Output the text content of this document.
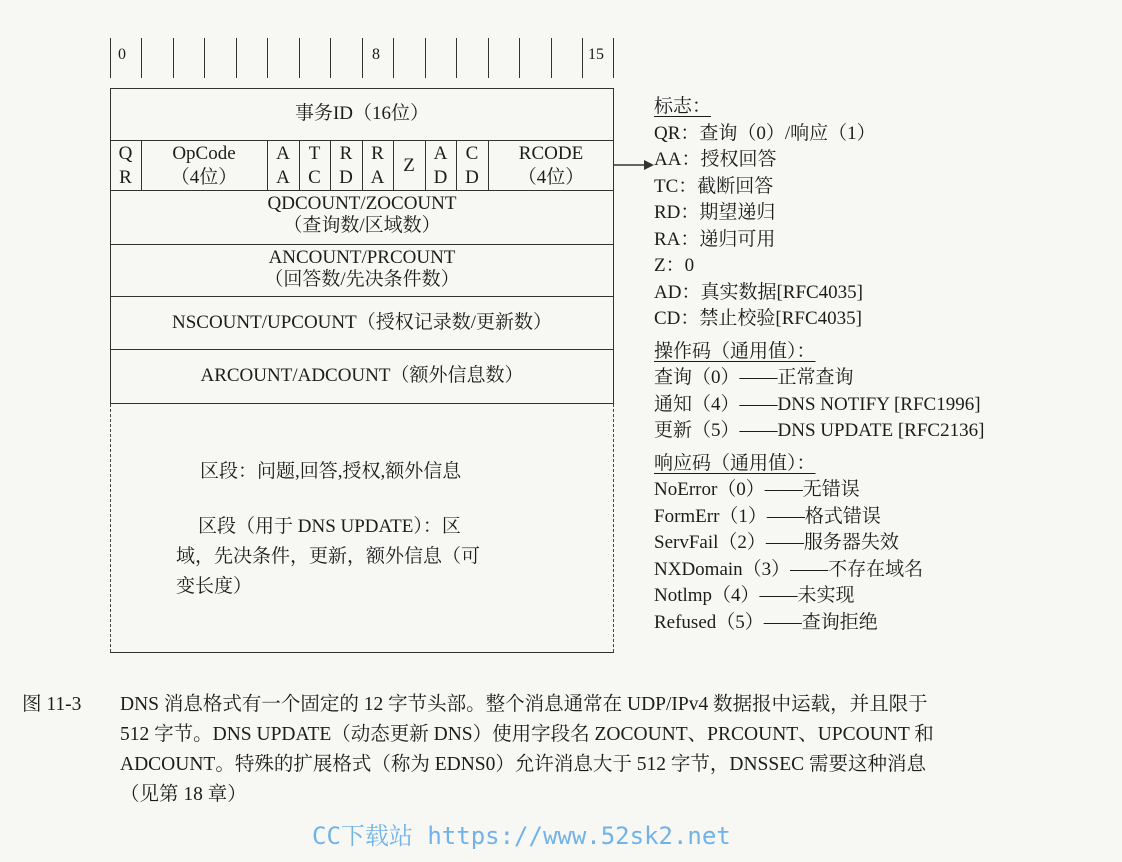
0	8	15
事务ID（16位）
Q
R
OpCode
（4位）
A
A
T
C
R
D
R
A
Z
A
D
C
D
RCODE
（4位）
QDCOUNT/ZOCOUNT
（查询数/区域数）
ANCOUNT/PRCOUNT
（回答数/先决条件数）
NSCOUNT/UPCOUNT（授权记录数/更新数）
ARCOUNT/ADCOUNT（额外信息数）
区段：问题,回答,授权,额外信息
区段（用于 DNS UPDATE）：区
域，先决条件，更新，额外信息（可
变长度）
标志：
QR：查询（0）/响应（1）
AA：授权回答
TC：截断回答
RD：期望递归
RA：递归可用
Z：0
AD：真实数据[RFC4035]
CD：禁止校验[RFC4035]
操作码（通用值）：
查询（0）——正常查询
通知（4）——DNS NOTIFY [RFC1996]
更新（5）——DNS UPDATE [RFC2136]
响应码（通用值）：
NoError（0）——无错误
FormErr（1）——格式错误
ServFail（2）——服务器失效
NXDomain（3）——不存在域名
Notlmp（4）——未实现
Refused（5）——查询拒绝
图 11-3 DNS 消息格式有一个固定的 12 字节头部。整个消息通常在 UDP/IPv4 数据报中运载，并且限于
512 字节。DNS UPDATE（动态更新 DNS）使用字段名 ZOCOUNT、PRCOUNT、UPCOUNT 和
ADCOUNT。特殊的扩展格式（称为 EDNS0）允许消息大于 512 字节，DNSSEC 需要这种消息
（见第 18 章）
CC下载站 https://www.52sk2.net
